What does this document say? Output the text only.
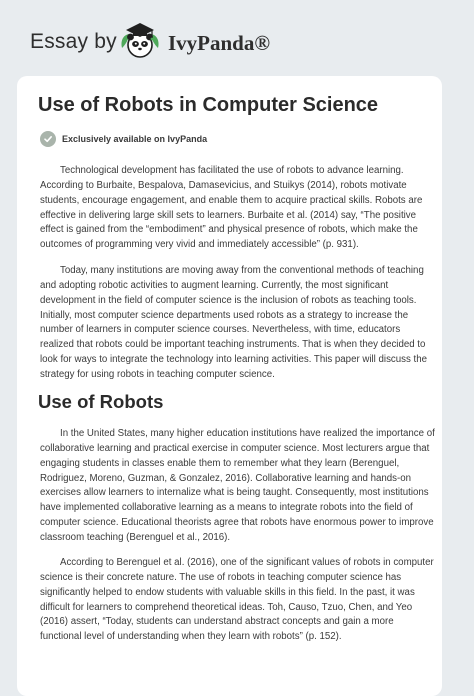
Essay by IvyPanda®
Use of Robots in Computer Science
Exclusively available on IvyPanda

Technological development has facilitated the use of robots to advance learning. According to Burbaite, Bespalova, Damasevicius, and Stuikys (2014), robots motivate students, encourage engagement, and enable them to acquire practical skills. Robots are effective in delivering large skill sets to learners. Burbaite et al. (2014) say, “The positive effect is gained from the “embodiment” and physical presence of robots, which make the outcomes of programming very vivid and immediately accessible” (p. 931).

Today, many institutions are moving away from the conventional methods of teaching and adopting robotic activities to augment learning. Currently, the most significant development in the field of computer science is the inclusion of robots as teaching tools. Initially, most computer science departments used robots as a strategy to increase the number of learners in computer science courses. Nevertheless, with time, educators realized that robots could be important teaching instruments. That is when they decided to look for ways to integrate the technology into learning activities. This paper will discuss the strategy for using robots in teaching computer science.

Use of Robots

In the United States, many higher education institutions have realized the importance of collaborative learning and practical exercise in computer science. Most lecturers argue that engaging students in classes enable them to remember what they learn (Berenguel, Rodriguez, Moreno, Guzman, & Gonzalez, 2016). Collaborative learning and hands-on exercises allow learners to internalize what is being taught. Consequently, most institutions have implemented collaborative learning as a means to integrate robots into the field of computer science. Educational theorists agree that robots have enormous power to improve classroom teaching (Berenguel et al., 2016).

According to Berenguel et al. (2016), one of the significant values of robots in computer science is their concrete nature. The use of robots in teaching computer science has significantly helped to endow students with valuable skills in this field. In the past, it was difficult for learners to comprehend theoretical ideas. Toh, Causo, Tzuo, Chen, and Yeo (2016) assert, “Today, students can understand abstract concepts and gain a more functional level of understanding when they learn with robots” (p. 152).
